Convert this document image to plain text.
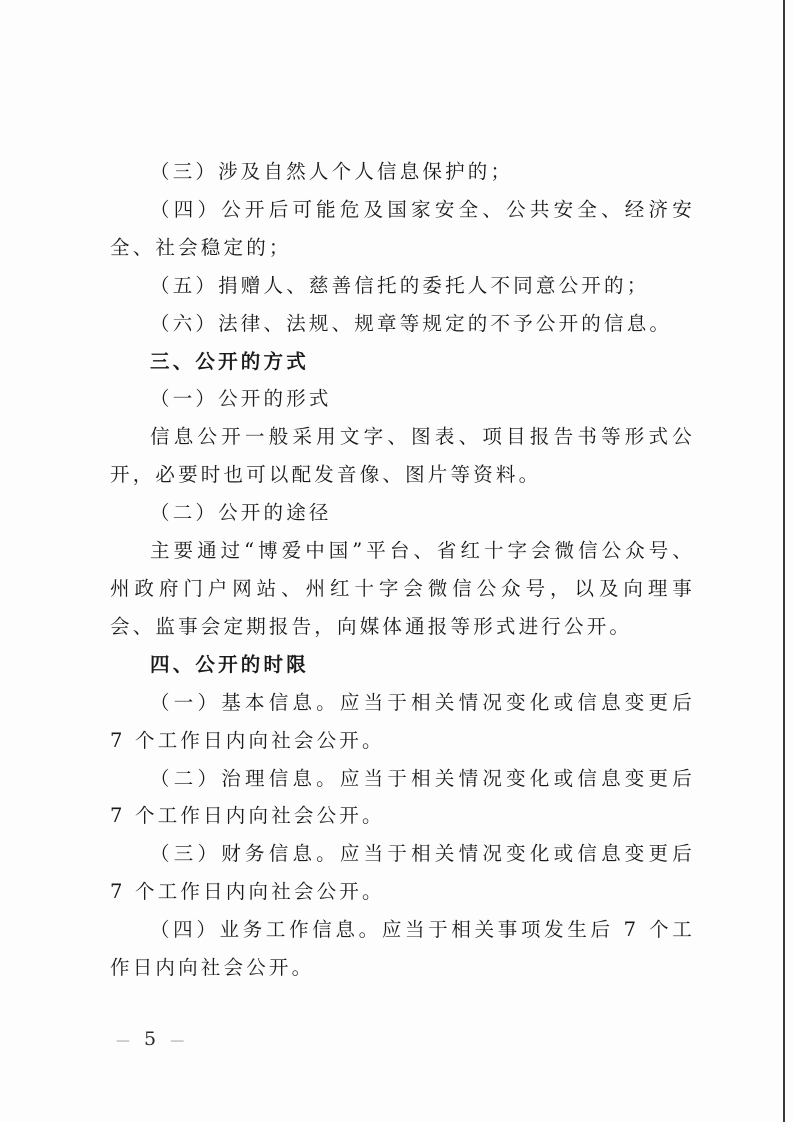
（三）涉及自然人个人信息保护的；

（四）公开后可能危及国家安全、公共安全、经济安全、社会稳定的；

（五）捐赠人、慈善信托的委托人不同意公开的；

（六）法律、法规、规章等规定的不予公开的信息。

三、公开的方式

（一）公开的形式

信息公开一般采用文字、图表、项目报告书等形式公开，必要时也可以配发音像、图片等资料。

（二）公开的途径

主要通过“博爱中国”平台、省红十字会微信公众号、州政府门户网站、州红十字会微信公众号，以及向理事会、监事会定期报告，向媒体通报等形式进行公开。

四、公开的时限

（一）基本信息。应当于相关情况变化或信息变更后 7 个工作日内向社会公开。

（二）治理信息。应当于相关情况变化或信息变更后 7 个工作日内向社会公开。

（三）财务信息。应当于相关情况变化或信息变更后 7 个工作日内向社会公开。

（四）业务工作信息。应当于相关事项发生后 7 个工作日内向社会公开。

— 5 —
